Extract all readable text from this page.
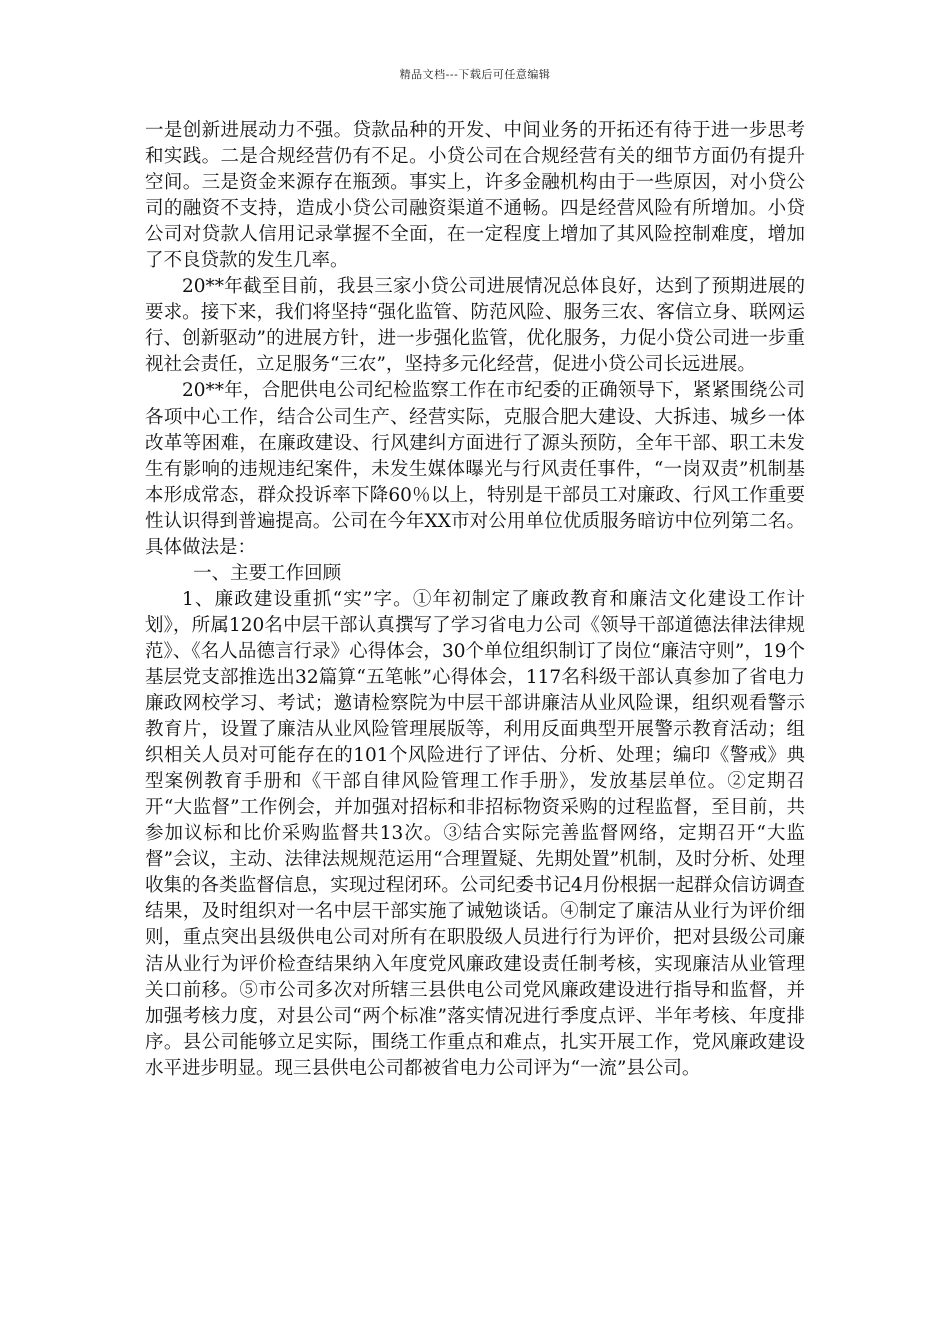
精品文档---下载后可任意编辑

一是创新进展动力不强。贷款品种的开发、中间业务的开拓还有待于进一步思考和实践。二是合规经营仍有不足。小贷公司在合规经营有关的细节方面仍有提升空间。三是资金来源存在瓶颈。事实上，许多金融机构由于一些原因，对小贷公司的融资不支持，造成小贷公司融资渠道不通畅。四是经营风险有所增加。小贷公司对贷款人信用记录掌握不全面，在一定程度上增加了其风险控制难度，增加了不良贷款的发生几率。

20**年截至目前，我县三家小贷公司进展情况总体良好，达到了预期进展的要求。接下来，我们将坚持“强化监管、防范风险、服务三农、客信立身、联网运行、创新驱动”的进展方针，进一步强化监管，优化服务，力促小贷公司进一步重视社会责任，立足服务“三农”，坚持多元化经营，促进小贷公司长远进展。

20**年，合肥供电公司纪检监察工作在市纪委的正确领导下，紧紧围绕公司各项中心工作，结合公司生产、经营实际，克服合肥大建设、大拆违、城乡一体改革等困难，在廉政建设、行风建纠方面进行了源头预防，全年干部、职工未发生有影响的违规违纪案件，未发生媒体曝光与行风责任事件，“一岗双责”机制基本形成常态，群众投诉率下降60％以上，特别是干部员工对廉政、行风工作重要性认识得到普遍提高。公司在今年XX市对公用单位优质服务暗访中位列第二名。具体做法是：

一、主要工作回顾

1、廉政建设重抓“实”字。①年初制定了廉政教育和廉洁文化建设工作计划》，所属120名中层干部认真撰写了学习省电力公司《领导干部道德法律法律规范》、《名人品德言行录》心得体会，30个单位组织制订了岗位“廉洁守则”，19个基层党支部推选出32篇算“五笔帐”心得体会，117名科级干部认真参加了省电力廉政网校学习、考试；邀请检察院为中层干部讲廉洁从业风险课，组织观看警示教育片，设置了廉洁从业风险管理展版等，利用反面典型开展警示教育活动；组织相关人员对可能存在的101个风险进行了评估、分析、处理；编印《警戒》典型案例教育手册和《干部自律风险管理工作手册》，发放基层单位。②定期召开“大监督”工作例会，并加强对招标和非招标物资采购的过程监督，至目前，共参加议标和比价采购监督共13次。③结合实际完善监督网络，定期召开“大监督”会议，主动、法律法规规范运用“合理置疑、先期处置”机制，及时分析、处理收集的各类监督信息，实现过程闭环。公司纪委书记4月份根据一起群众信访调查结果，及时组织对一名中层干部实施了诫勉谈话。④制定了廉洁从业行为评价细则，重点突出县级供电公司对所有在职股级人员进行行为评价，把对县级公司廉洁从业行为评价检查结果纳入年度党风廉政建设责任制考核，实现廉洁从业管理关口前移。⑤市公司多次对所辖三县供电公司党风廉政建设进行指导和监督，并加强考核力度，对县公司“两个标准”落实情况进行季度点评、半年考核、年度排序。县公司能够立足实际，围绕工作重点和难点，扎实开展工作，党风廉政建设水平进步明显。现三县供电公司都被省电力公司评为“一流”县公司。
